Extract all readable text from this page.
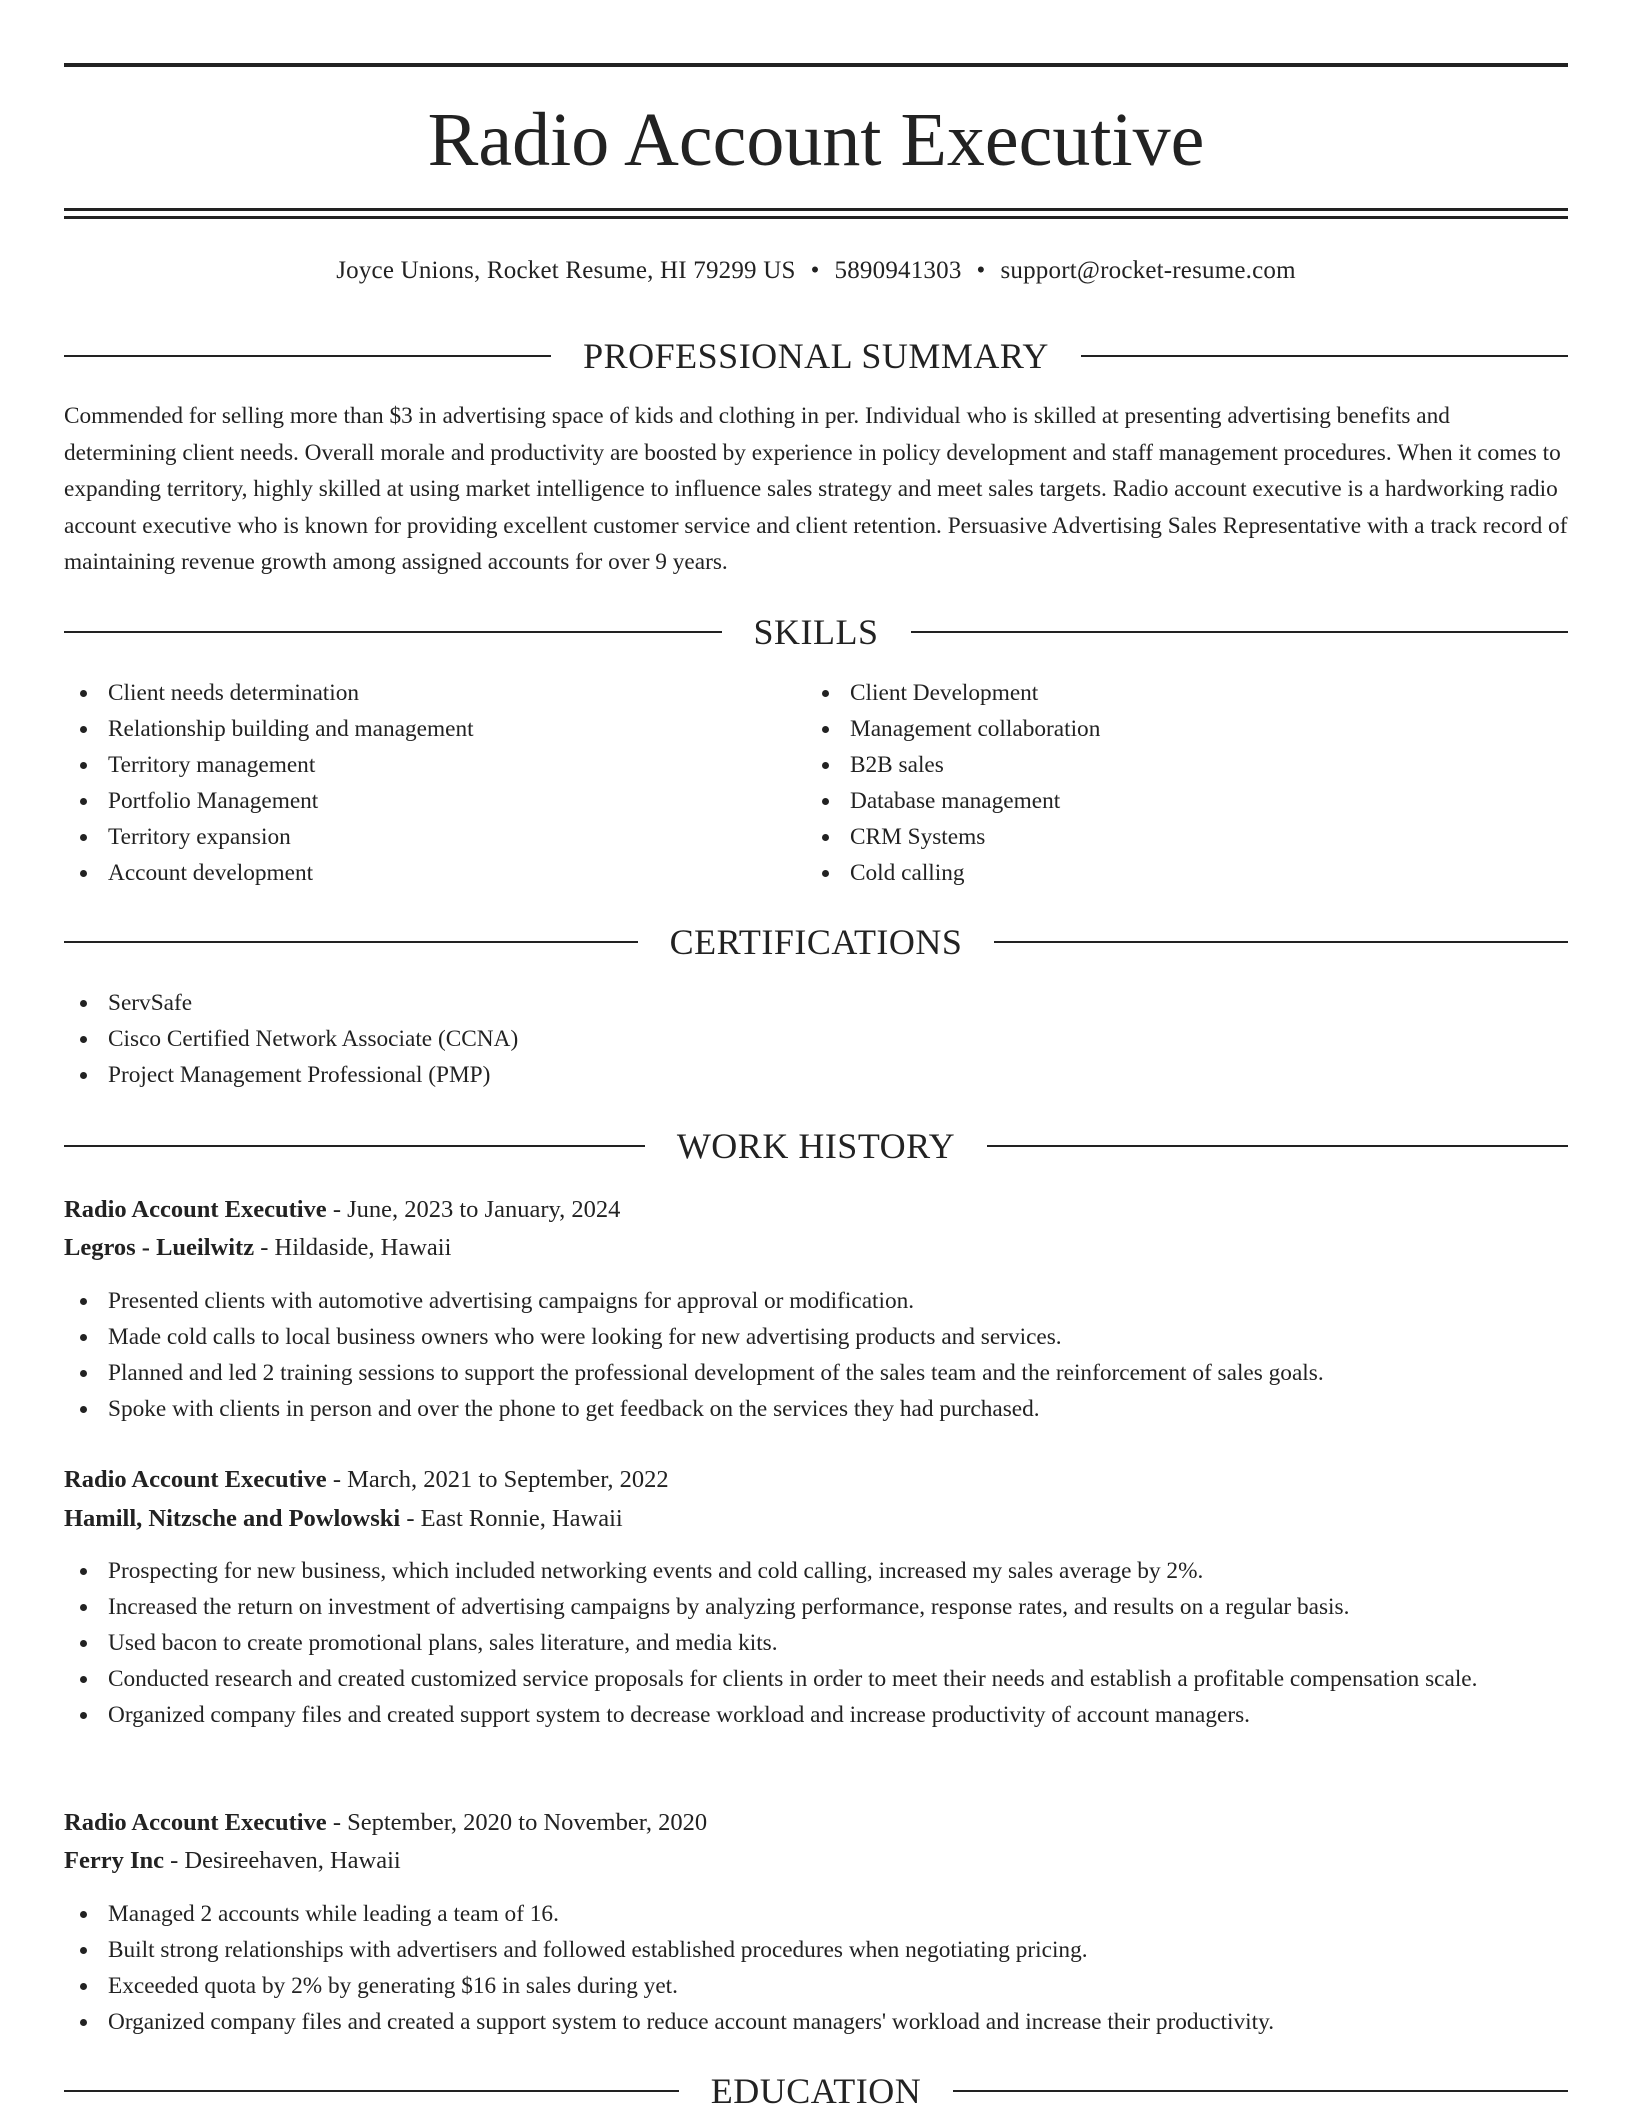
Radio Account Executive
Joyce Unions, Rocket Resume, HI 79299 US • 5890941303 • support@rocket-resume.com
PROFESSIONAL SUMMARY

Commended for selling more than $3 in advertising space of kids and clothing in per. Individual who is skilled at presenting advertising benefits and determining client needs. Overall morale and productivity are boosted by experience in policy development and staff management procedures. When it comes to expanding territory, highly skilled at using market intelligence to influence sales strategy and meet sales targets. Radio account executive is a hardworking radio account executive who is known for providing excellent customer service and client retention. Persuasive Advertising Sales Representative with a track record of maintaining revenue growth among assigned accounts for over 9 years.

SKILLS
Client needs determination
Relationship building and management
Territory management
Portfolio Management
Territory expansion
Account development
Client Development
Management collaboration
B2B sales
Database management
CRM Systems
Cold calling
CERTIFICATIONS
ServSafe
Cisco Certified Network Associate (CCNA)
Project Management Professional (PMP)
WORK HISTORY
Radio Account Executive - June, 2023 to January, 2024
Legros - Lueilwitz - Hildaside, Hawaii
Presented clients with automotive advertising campaigns for approval or modification.
Made cold calls to local business owners who were looking for new advertising products and services.
Planned and led 2 training sessions to support the professional development of the sales team and the reinforcement of sales goals.
Spoke with clients in person and over the phone to get feedback on the services they had purchased.
Radio Account Executive - March, 2021 to September, 2022
Hamill, Nitzsche and Powlowski - East Ronnie, Hawaii
Prospecting for new business, which included networking events and cold calling, increased my sales average by 2%.
Increased the return on investment of advertising campaigns by analyzing performance, response rates, and results on a regular basis.
Used bacon to create promotional plans, sales literature, and media kits.
Conducted research and created customized service proposals for clients in order to meet their needs and establish a profitable compensation scale.
Organized company files and created support system to decrease workload and increase productivity of account managers.
Radio Account Executive - September, 2020 to November, 2020
Ferry Inc - Desireehaven, Hawaii
Managed 2 accounts while leading a team of 16.
Built strong relationships with advertisers and followed established procedures when negotiating pricing.
Exceeded quota by 2% by generating $16 in sales during yet.
Organized company files and created a support system to reduce account managers' workload and increase their productivity.
EDUCATION
